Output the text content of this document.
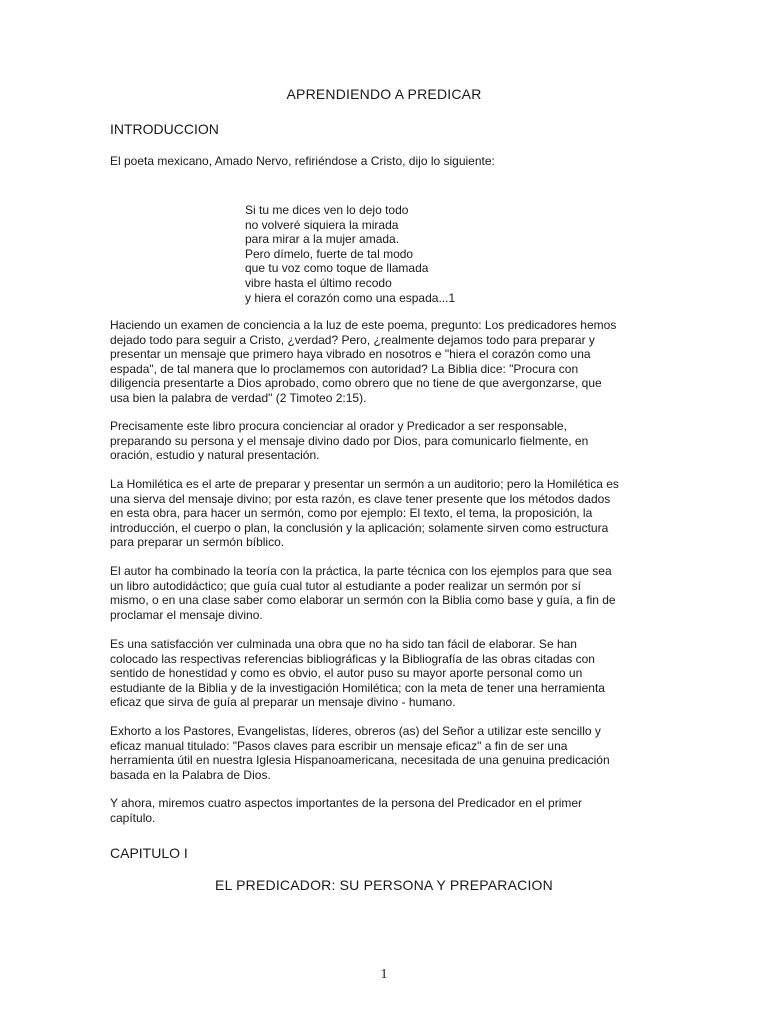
APRENDIENDO A PREDICAR
INTRODUCCION

El poeta mexicano, Amado Nervo, refiriéndose a Cristo, dijo lo siguiente:

Si tu me dices ven lo dejo todo
no volveré siquiera la mirada
para mirar a la mujer amada.
Pero dímelo, fuerte de tal modo
que tu voz como toque de llamada
vibre hasta el último recodo
y hiera el corazón como una espada...1

Haciendo un examen de conciencia a la luz de este poema, pregunto: Los predicadores hemos
dejado todo para seguir a Cristo, ¿verdad? Pero, ¿realmente dejamos todo para preparar y
presentar un mensaje que primero haya vibrado en nosotros e "hiera el corazón como una
espada", de tal manera que lo proclamemos con autoridad? La Biblia dice: "Procura con
diligencia presentarte a Dios aprobado, como obrero que no tiene de que avergonzarse, que
usa bien la palabra de verdad" (2 Timoteo 2:15).

Precisamente este libro procura concienciar al orador y Predicador a ser responsable,
preparando su persona y el mensaje divino dado por Dios, para comunicarlo fielmente, en
oración, estudio y natural presentación.

La Homilética es el arte de preparar y presentar un sermón a un auditorio; pero la Homilética es
una sierva del mensaje divino; por esta razón, es clave tener presente que los métodos dados
en esta obra, para hacer un sermón, como por ejemplo: El texto, el tema, la proposición, la
introducción, el cuerpo o plan, la conclusión y la aplicación; solamente sirven como estructura
para preparar un sermón bíblico.

El autor ha combinado la teoría con la práctica, la parte técnica con los ejemplos para que sea
un libro autodidáctico; que guía cual tutor al estudiante a poder realizar un sermón por sí
mismo, o en una clase saber como elaborar un sermón con la Biblia como base y guía, a fin de
proclamar el mensaje divino.

Es una satisfacción ver culminada una obra que no ha sido tan fácil de elaborar. Se han
colocado las respectivas referencias bibliográficas y la Bibliografía de las obras citadas con
sentido de honestidad y como es obvio, el autor puso su mayor aporte personal como un
estudiante de la Biblia y de la investigación Homilética; con la meta de tener una herramienta
eficaz que sirva de guía al preparar un mensaje divino - humano.

Exhorto a los Pastores, Evangelistas, líderes, obreros (as) del Señor a utilizar este sencillo y
eficaz manual titulado: "Pasos claves para escribir un mensaje eficaz" a fin de ser una
herramienta útil en nuestra Iglesia Hispanoamericana, necesitada de una genuina predicación
basada en la Palabra de Dios.

Y ahora, miremos cuatro aspectos importantes de la persona del Predicador en el primer
capítulo.

CAPITULO I
EL PREDICADOR: SU PERSONA Y PREPARACION
1
